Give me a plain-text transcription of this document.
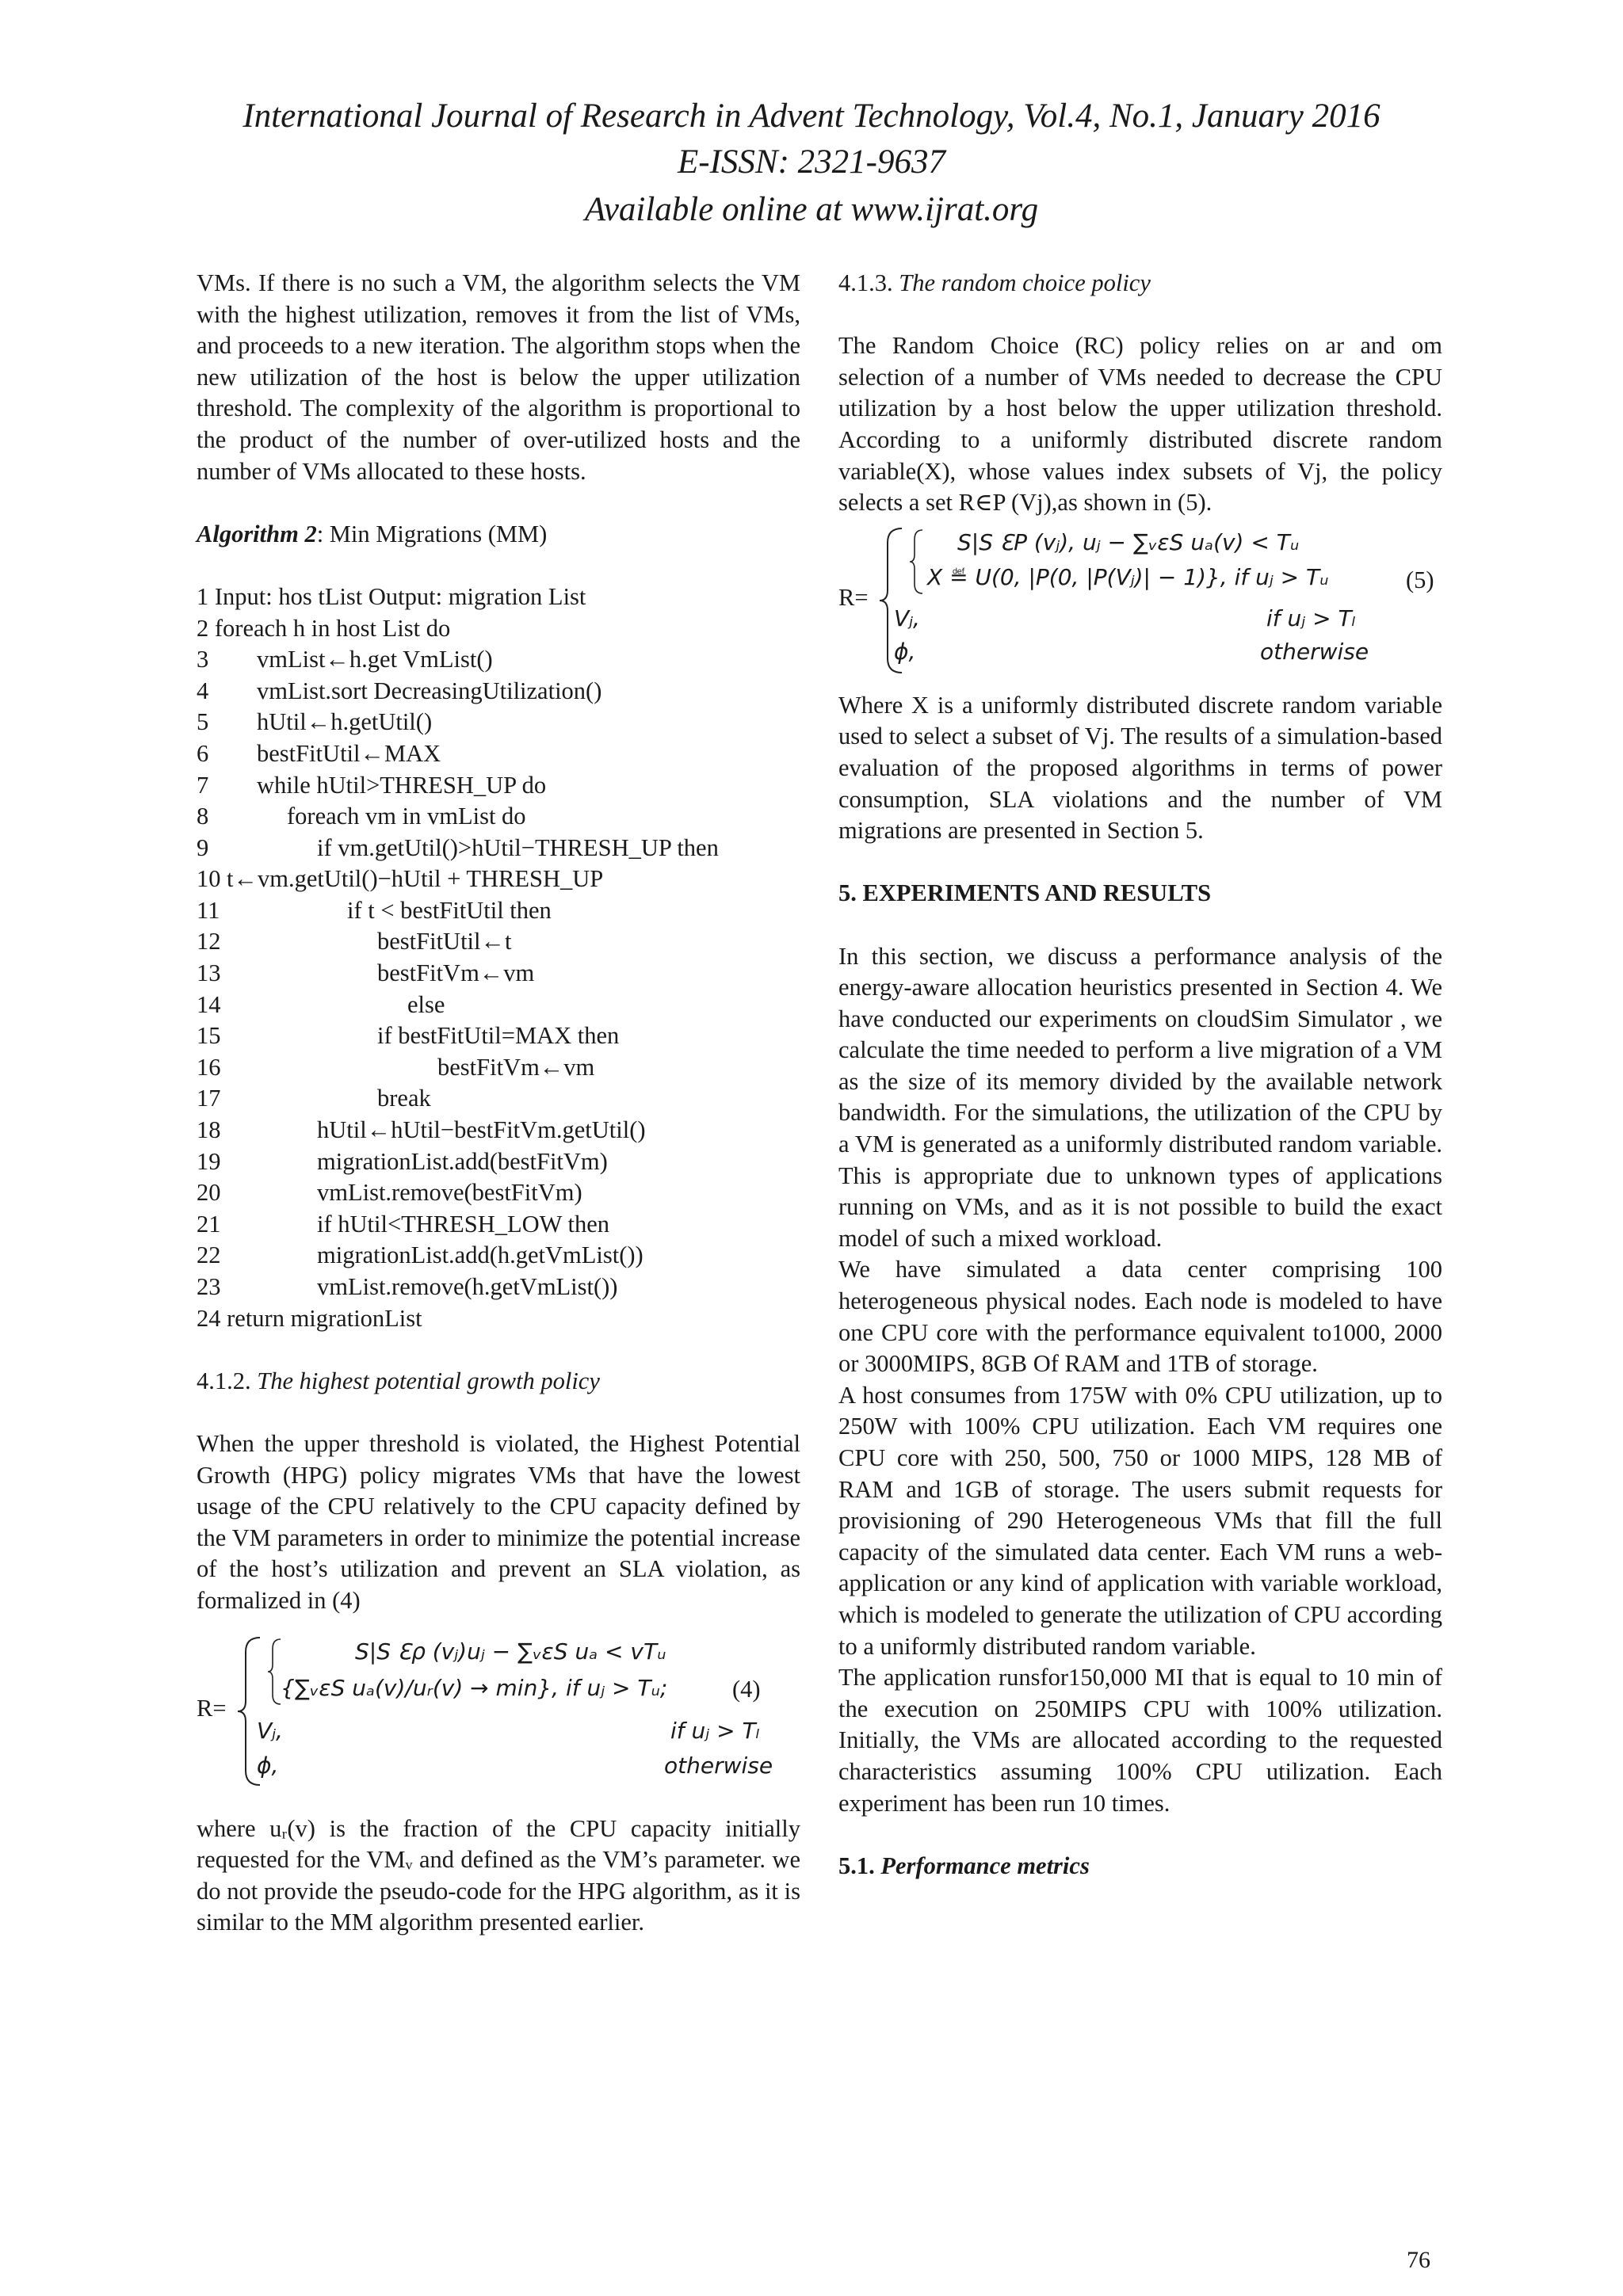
International Journal of Research in Advent Technology, Vol.4, No.1, January 2016
E-ISSN: 2321-9637
Available online at www.ijrat.org

VMs. If there is no such a VM, the algorithm selects the VM with the highest utilization, removes it from the list of VMs, and proceeds to a new iteration. The algorithm stops when the new utilization of the host is below the upper utilization threshold. The complexity of the algorithm is proportional to the product of the number of over-utilized hosts and the number of VMs allocated to these hosts.

Algorithm 2: Min Migrations (MM)
1 Input: hos tList Output: migration List
2 foreach h in host List do
3 vmList←h.get VmList()
4 vmList.sort DecreasingUtilization()
5 hUtil←h.getUtil()
6 bestFitUtil←MAX
7 while hUtil>THRESH_UP do
8	foreach vm in vmList do
9	if vm.getUtil()>hUtil−THRESH_UP then
10 t←vm.getUtil()−hUtil + THRESH_UP
11	if t < bestFitUtil then
12	bestFitUtil←t
13	bestFitVm←vm
14	else
15	if bestFitUtil=MAX then
16	bestFitVm←vm
17	break
18	hUtil←hUtil−bestFitVm.getUtil()
19	migrationList.add(bestFitVm)
20	vmList.remove(bestFitVm)
21	if hUtil<THRESH_LOW then
22	migrationList.add(h.getVmList())
23	vmList.remove(h.getVmList())
24 return migrationList
4.1.2. The highest potential growth policy

When the upper threshold is violated, the Highest Potential Growth (HPG) policy migrates VMs that have the lowest usage of the CPU relatively to the CPU capacity defined by the VM parameters in order to minimize the potential increase of the host’s utilization and prevent an SLA violation, as formalized in (4)

R=
S|S Ɛρ (vⱼ)uⱼ − ∑ᵥɛS uₐ < vTᵤ
{∑ᵥɛS uₐ(v)/uᵣ(v) → min}, if uⱼ > Tᵤ;	(4)
Vⱼ,	if uⱼ > Tₗ
ϕ,	otherwise

where uᵣ(v) is the fraction of the CPU capacity initially requested for the VMᵥ and defined as the VM’s parameter. we do not provide the pseudo-code for the HPG algorithm, as it is similar to the MM algorithm presented earlier.

4.1.3. The random choice policy

The Random Choice (RC) policy relies on ar and om selection of a number of VMs needed to decrease the CPU utilization by a host below the upper utilization threshold. According to a uniformly distributed discrete random variable(X), whose values index subsets of Vj, the policy selects a set R∈P (Vj),as shown in (5).

R=
S|S ƐP (vⱼ), uⱼ − ∑ᵥɛS uₐ(v) < Tᵤ
X ≝ U(0, |P(0, |P(Vⱼ)| − 1)}, if uⱼ > Tᵤ	(5)
Vⱼ,	if uⱼ > Tₗ
ϕ,	otherwise

Where X is a uniformly distributed discrete random variable used to select a subset of Vj. The results of a simulation-based evaluation of the proposed algorithms in terms of power consumption, SLA violations and the number of VM migrations are presented in Section 5.

5. EXPERIMENTS AND RESULTS

In this section, we discuss a performance analysis of the energy-aware allocation heuristics presented in Section 4. We have conducted our experiments on cloudSim Simulator , we calculate the time needed to perform a live migration of a VM as the size of its memory divided by the available network bandwidth. For the simulations, the utilization of the CPU by a VM is generated as a uniformly distributed random variable. This is appropriate due to unknown types of applications running on VMs, and as it is not possible to build the exact model of such a mixed workload.

We have simulated a data center comprising 100 heterogeneous physical nodes. Each node is modeled to have one CPU core with the performance equivalent to1000, 2000 or 3000MIPS, 8GB Of RAM and 1TB of storage.

A host consumes from 175W with 0% CPU utilization, up to 250W with 100% CPU utilization. Each VM requires one CPU core with 250, 500, 750 or 1000 MIPS, 128 MB of RAM and 1GB of storage. The users submit requests for provisioning of 290 Heterogeneous VMs that fill the full capacity of the simulated data center. Each VM runs a web-application or any kind of application with variable workload, which is modeled to generate the utilization of CPU according to a uniformly distributed random variable.

The application runsfor150,000 MI that is equal to 10 min of the execution on 250MIPS CPU with 100% utilization. Initially, the VMs are allocated according to the requested characteristics assuming 100% CPU utilization. Each experiment has been run 10 times.

5.1. Performance metrics
76
